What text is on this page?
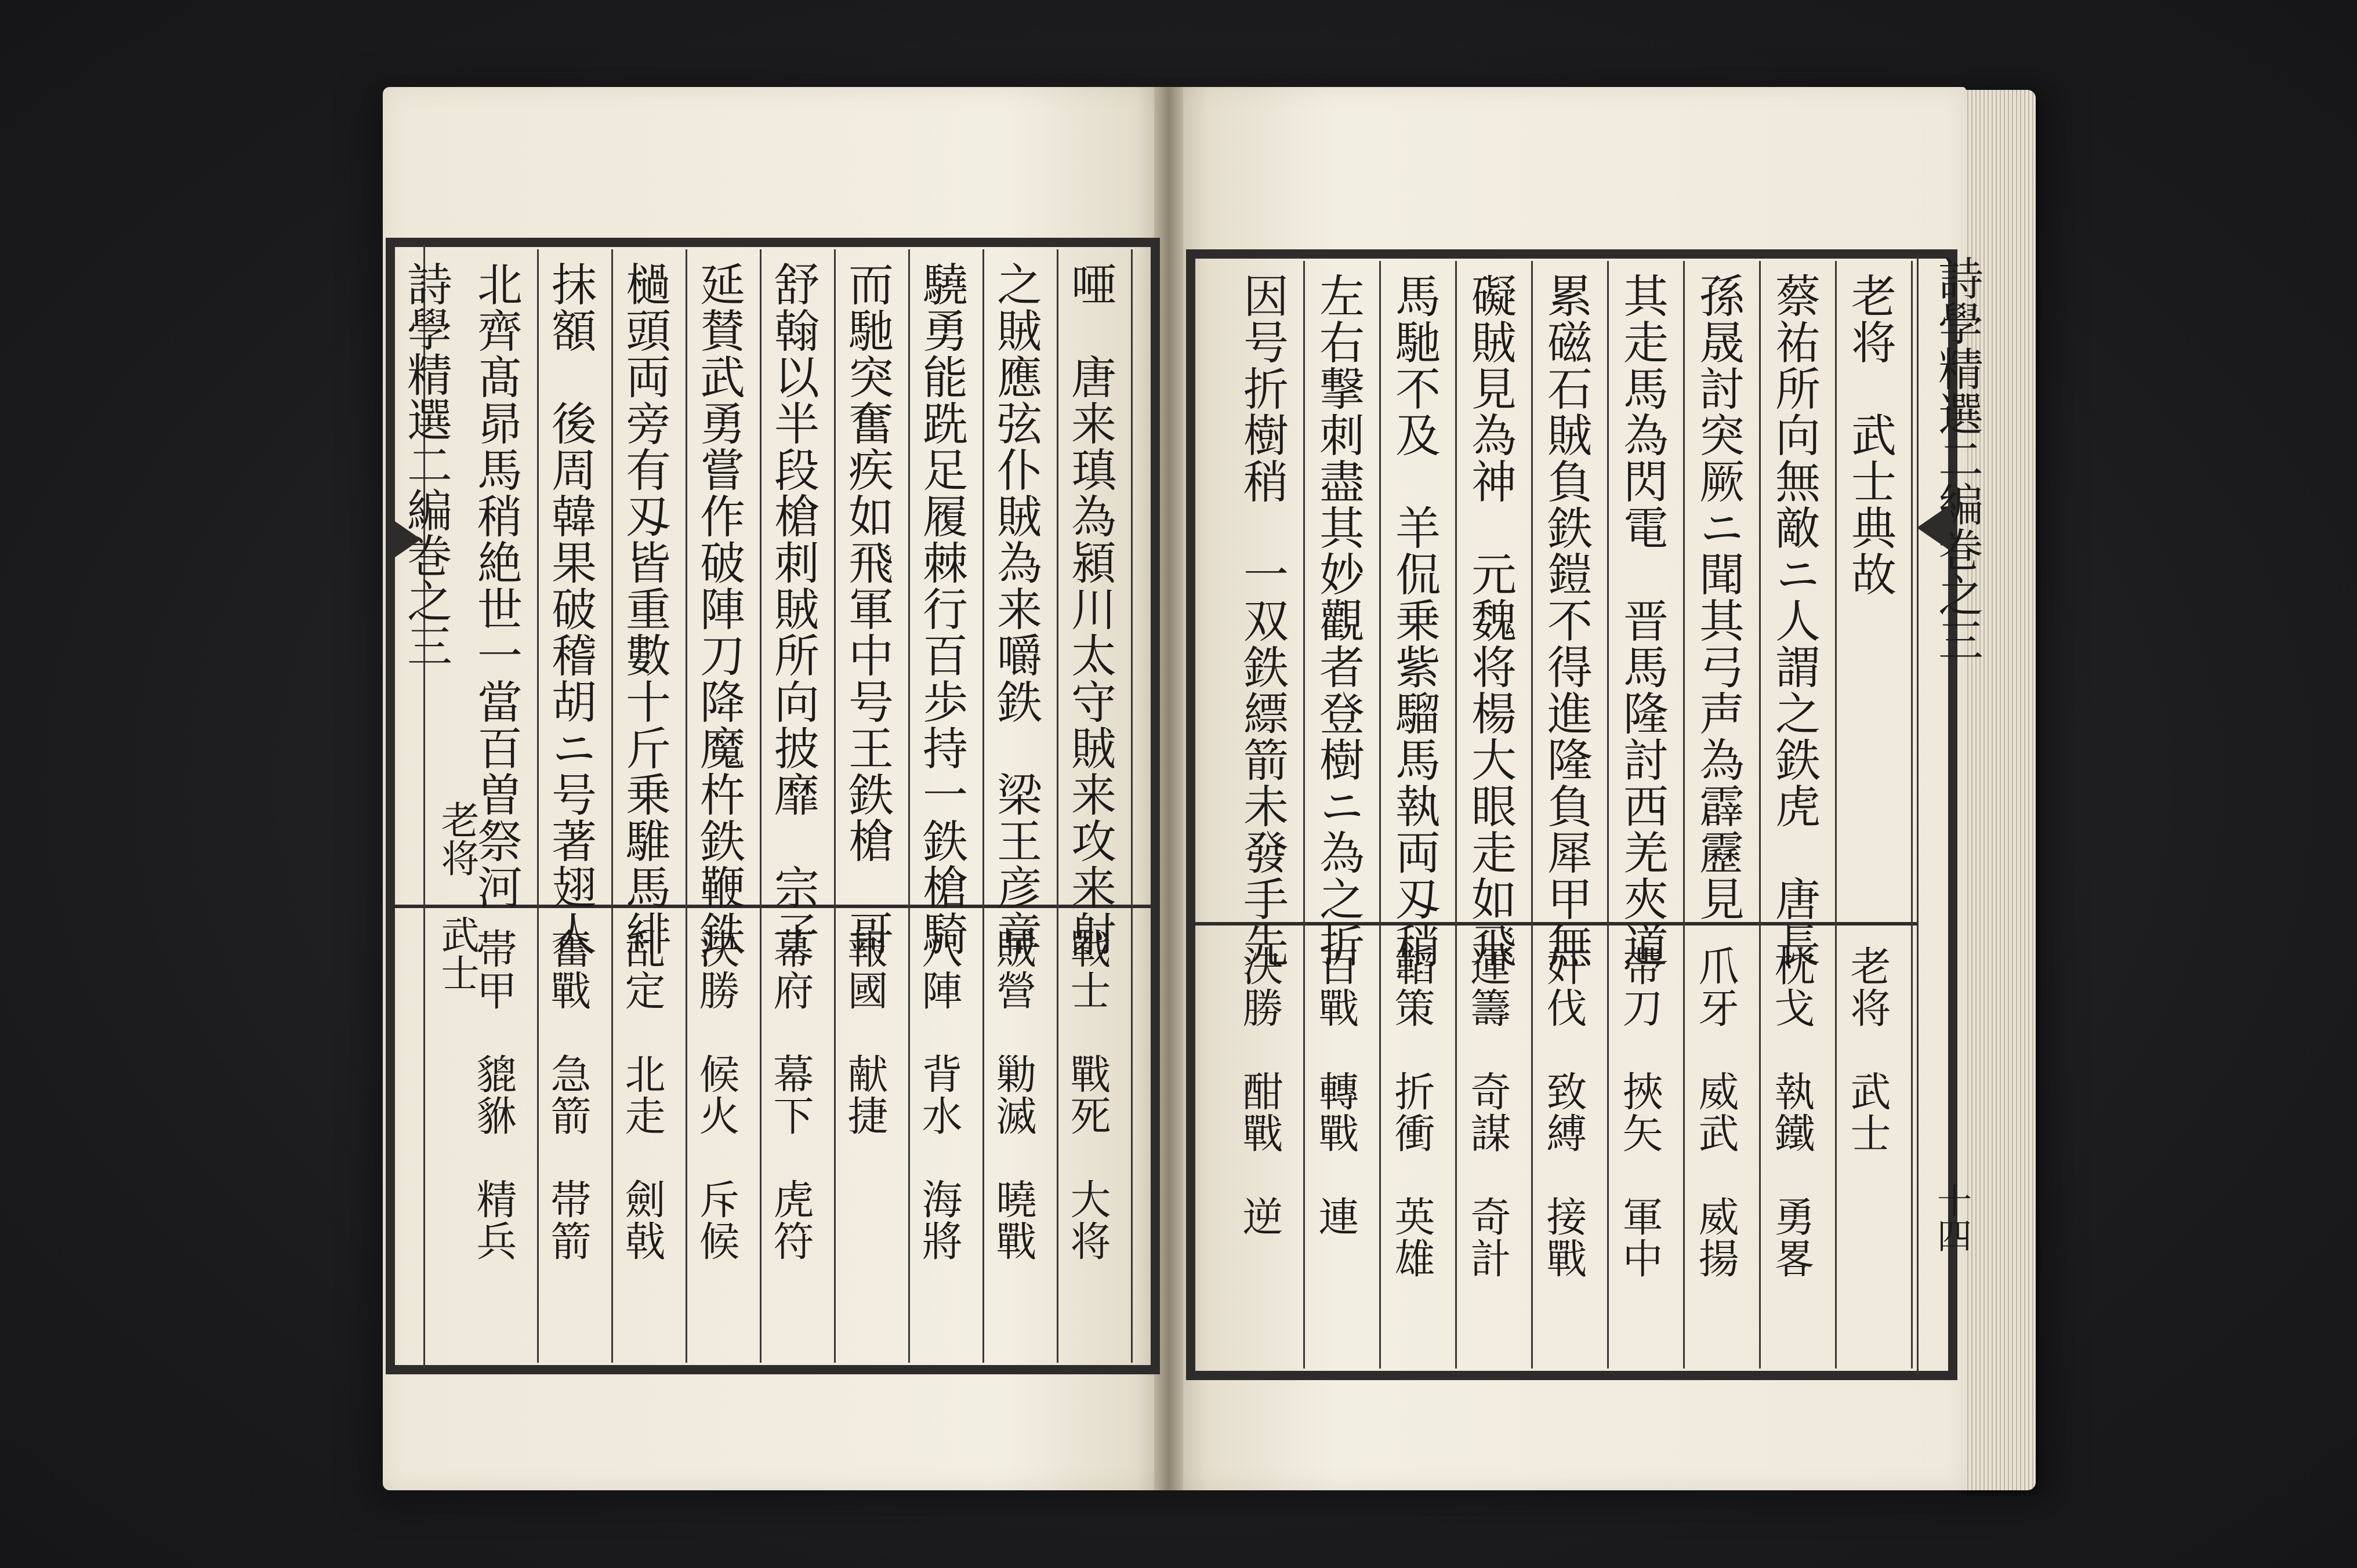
詩學精選二編巻之三	唖　唐来瑱為潁川太守賊来攻来射
之賊應弦仆賊為来嚼鉄　梁王彦章
驍勇能跣足履棘行百歩持一鉄槍騎
而馳突奮疾如飛軍中号王鉄槍　哥
舒翰以半段槍刺賊所向披靡　宗子
延賛武勇嘗作破陣刀降魔杵鉄鞭鉄
檛頭両旁有刄皆重數十斤乗騅馬緋
抹額　後周韓果破稽胡ニ号著翅人
北齊髙昴馬稍絶世一當百曽祭河
戰士　戰死　大将
賊營　勦滅　曉戰
八陣　背水　海將
報國　献捷
幕府　幕下　虎符
決勝　候火　斥候
乱定　北走　劍戟
奮戰　急箭　帯箭
帯甲　貔貅　精兵
老将　武士
詩學精選二編巻之三
十四
老将　武士典故
蔡祐所向無敵ニ人謂之鉄虎　唐長
孫晟討突厥ニ聞其弓声為霹靂見
其走馬為閃電　晋馬隆討西羌夾道
累磁石賊負鉄鎧不得進隆負犀甲無
礙賊見為神　元魏将楊大眼走如飛
馬馳不及　羊侃乗紫騮馬執両刄稍
左右撃刺盡其妙觀者登樹ニ為之折
因号折樹稍　一双鉄縹箭未發手先
老将　武士
枕戈　執鐵　勇畧
爪牙　威武　威揚
帶刀　挾矢　軍中
奸伐　致縛　接戰
運籌　奇謀　奇計
韜策　折衝　英雄
百戰　轉戰　連
決勝　酣戰　逆
